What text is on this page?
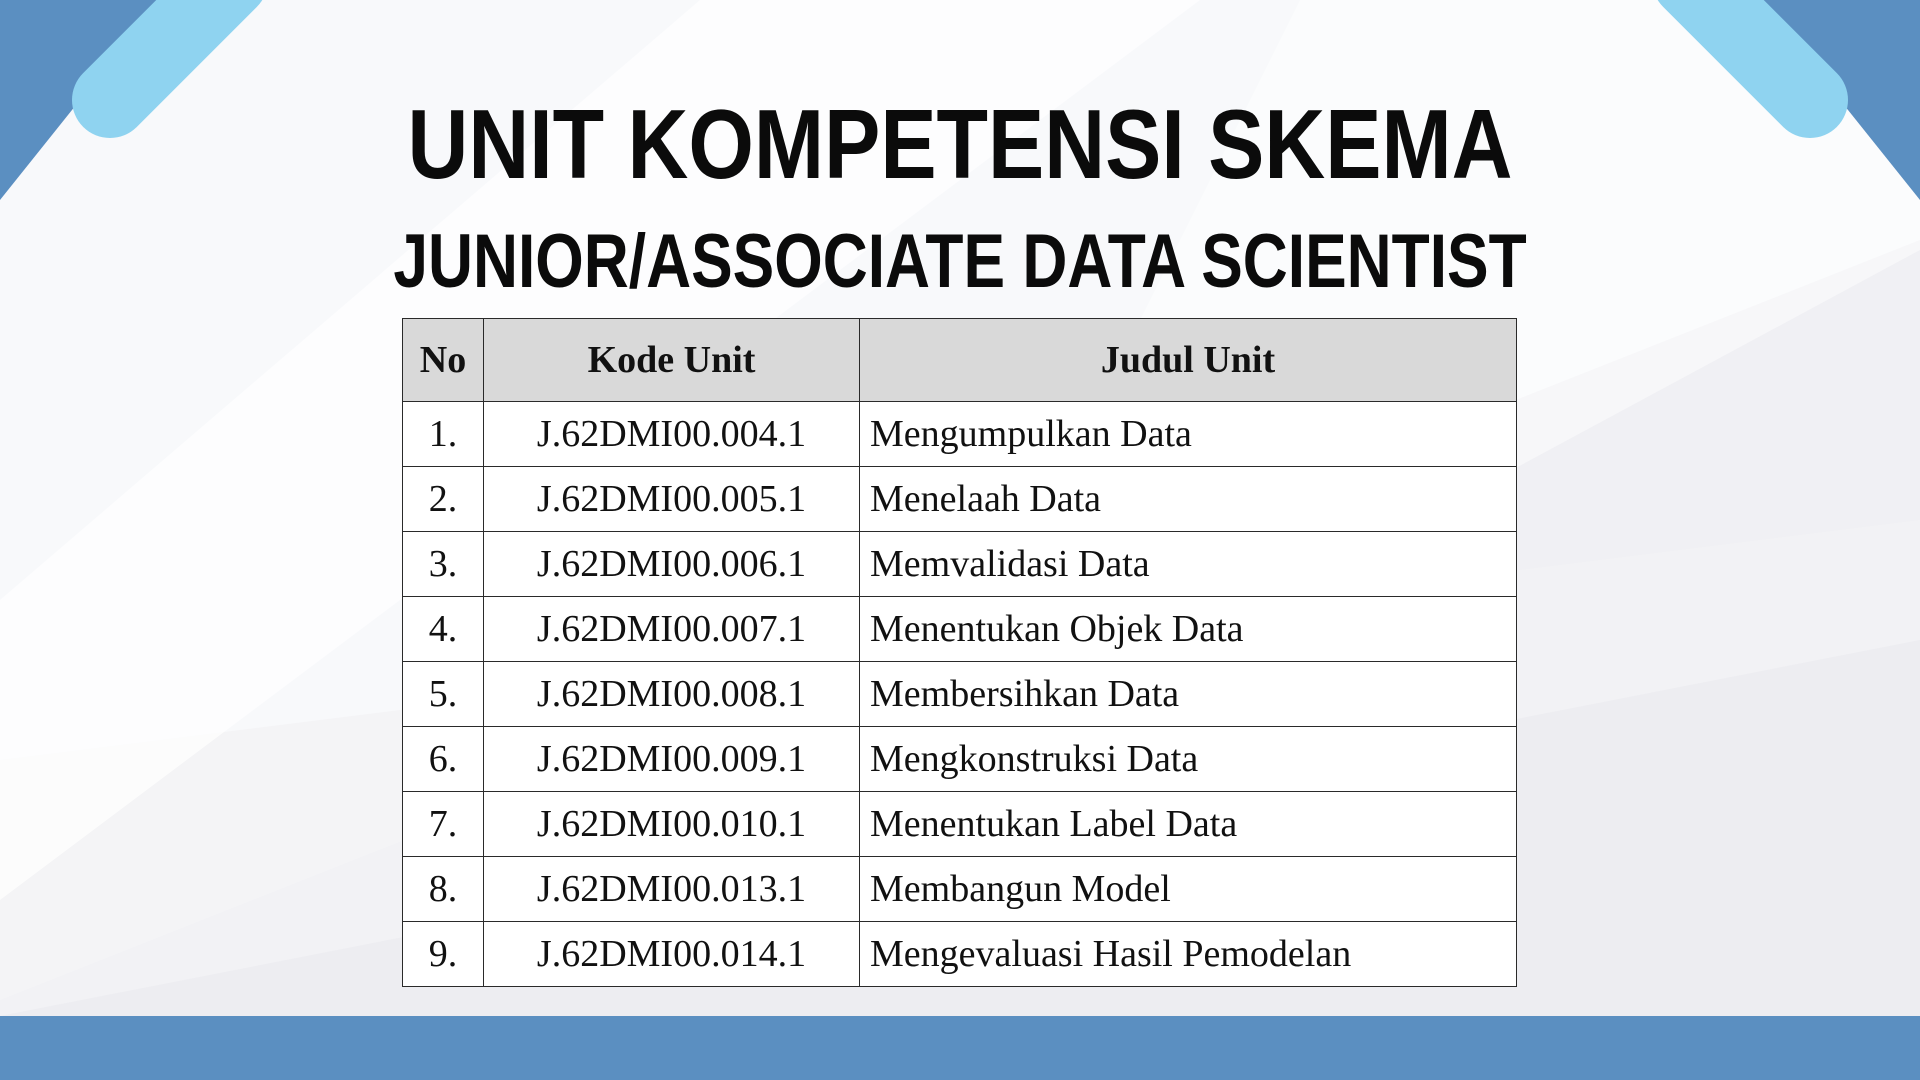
UNIT KOMPETENSI SKEMA
JUNIOR/ASSOCIATE DATA SCIENTIST
No	Kode Unit	Judul Unit
1.	J.62DMI00.004.1	Mengumpulkan Data
2.	J.62DMI00.005.1	Menelaah Data
3.	J.62DMI00.006.1	Memvalidasi Data
4.	J.62DMI00.007.1	Menentukan Objek Data
5.	J.62DMI00.008.1	Membersihkan Data
6.	J.62DMI00.009.1	Mengkonstruksi Data
7.	J.62DMI00.010.1	Menentukan Label Data
8.	J.62DMI00.013.1	Membangun Model
9.	J.62DMI00.014.1	Mengevaluasi Hasil Pemodelan
